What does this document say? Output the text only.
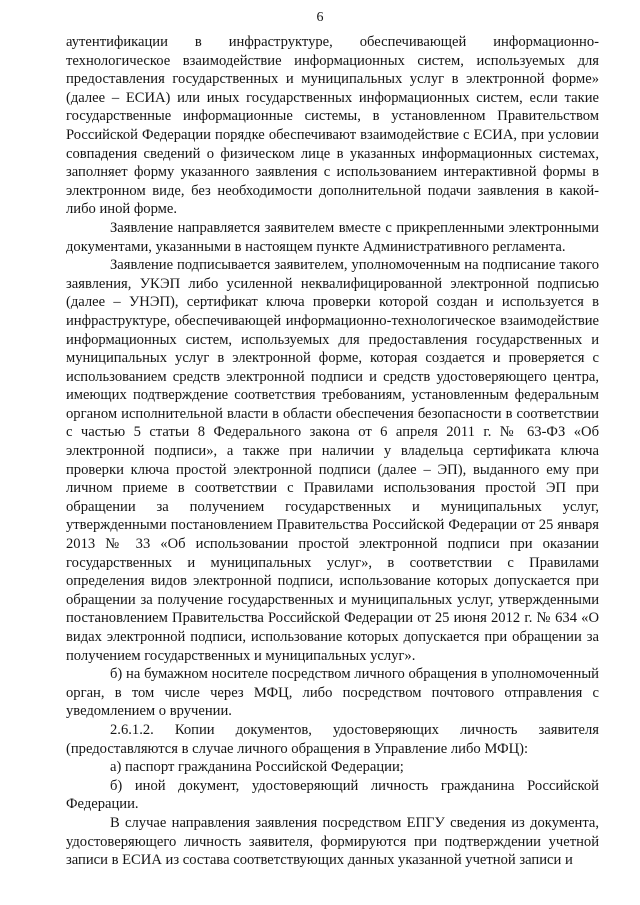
6

аутентификации в инфраструктуре, обеспечивающей информационно-технологическое взаимодействие информационных систем, используемых для предоставления государственных и муниципальных услуг в электронной форме» (далее – ЕСИА) или иных государственных информационных систем, если такие государственные информационные системы, в установленном Правительством Российской Федерации порядке обеспечивают взаимодействие с ЕСИА, при условии совпадения сведений о физическом лице в указанных информационных системах, заполняет форму указанного заявления с использованием интерактивной формы в электронном виде, без необходимости дополнительной подачи заявления в какой-либо иной форме.

Заявление направляется заявителем вместе с прикрепленными электронными документами, указанными в настоящем пункте Административного регламента.

Заявление подписывается заявителем, уполномоченным на подписание такого заявления, УКЭП либо усиленной неквалифицированной электронной подписью (далее – УНЭП), сертификат ключа проверки которой создан и используется в инфраструктуре, обеспечивающей информационно-технологическое взаимодействие информационных систем, используемых для предоставления государственных и муниципальных услуг в электронной форме, которая создается и проверяется с использованием средств электронной подписи и средств удостоверяющего центра, имеющих подтверждение соответствия требованиям, установленным федеральным органом исполнительной власти в области обеспечения безопасности в соответствии с частью 5 статьи 8 Федерального закона от 6 апреля 2011 г. № 63-ФЗ «Об электронной подписи», а также при наличии у владельца сертификата ключа проверки ключа простой электронной подписи (далее – ЭП), выданного ему при личном приеме в соответствии с Правилами использования простой ЭП при обращении за получением государственных и муниципальных услуг, утвержденными постановлением Правительства Российской Федерации от 25 января 2013 № 33 «Об использовании простой электронной подписи при оказании государственных и муниципальных услуг», в соответствии с Правилами определения видов электронной подписи, использование которых допускается при обращении за получение государственных и муниципальных услуг, утвержденными постановлением Правительства Российской Федерации от 25 июня 2012 г. № 634 «О видах электронной подписи, использование которых допускается при обращении за получением государственных и муниципальных услуг».

б) на бумажном носителе посредством личного обращения в уполномоченный орган, в том числе через МФЦ, либо посредством почтового отправления с уведомлением о вручении.

2.6.1.2. Копии документов, удостоверяющих личность заявителя (предоставляются в случае личного обращения в Управление либо МФЦ):

а) паспорт гражданина Российской Федерации;

б) иной документ, удостоверяющий личность гражданина Российской Федерации.

В случае направления заявления посредством ЕПГУ сведения из документа, удостоверяющего личность заявителя, формируются при подтверждении учетной записи в ЕСИА из состава соответствующих данных указанной учетной записи и
